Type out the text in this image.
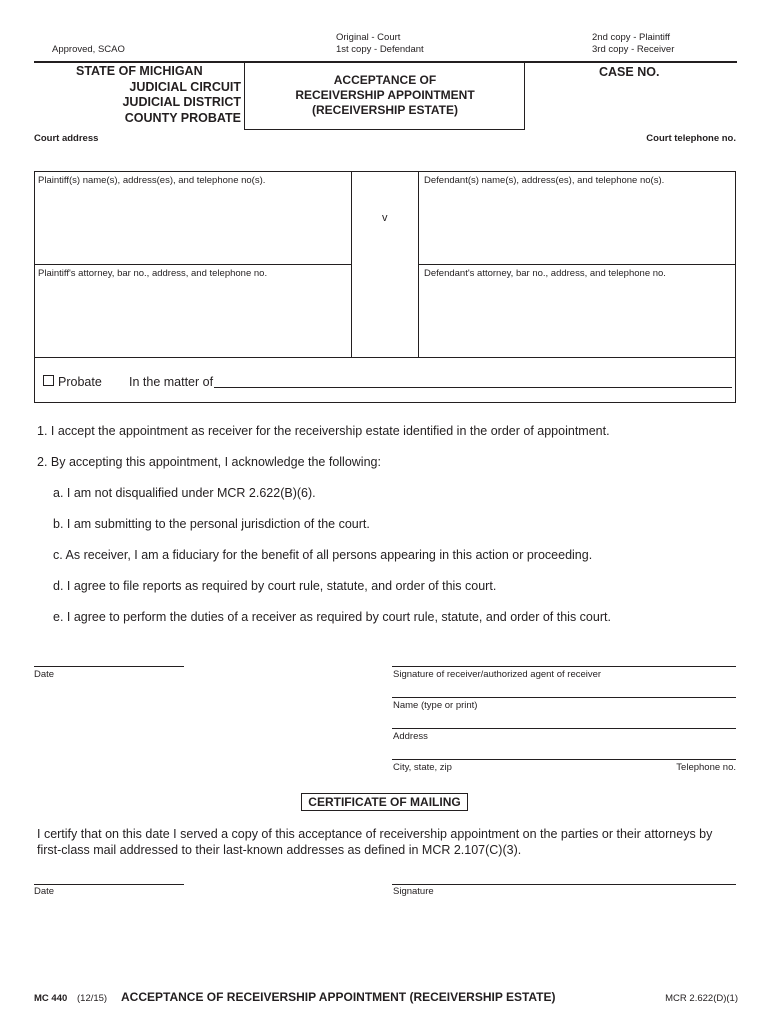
Approved, SCAO
Original - Court
1st copy - Defendant
2nd copy - Plaintiff
3rd copy - Receiver
STATE OF MICHIGAN
JUDICIAL CIRCUIT
JUDICIAL DISTRICT
COUNTY PROBATE
ACCEPTANCE OF
RECEIVERSHIP APPOINTMENT
(RECEIVERSHIP ESTATE)
CASE NO.
Court address	Court telephone no.
Plaintiff(s) name(s), address(es), and telephone no(s).	Defendant(s) name(s), address(es), and telephone no(s).
v
Plaintiff's attorney, bar no., address, and telephone no.	Defendant's attorney, bar no., address, and telephone no.
Probate In the matter of
1. I accept the appointment as receiver for the receivership estate identified in the order of appointment.
2. By accepting this appointment, I acknowledge the following:
a. I am not disqualified under MCR 2.622(B)(6).
b. I am submitting to the personal jurisdiction of the court.
c. As receiver, I am a fiduciary for the benefit of all persons appearing in this action or proceeding.
d. I agree to file reports as required by court rule, statute, and order of this court.
e. I agree to perform the duties of a receiver as required by court rule, statute, and order of this court.
Date	Signature of receiver/authorized agent of receiver
Name (type or print)
Address
City, state, zip	Telephone no.
CERTIFICATE OF MAILING
I certify that on this date I served a copy of this acceptance of receivership appointment on the parties or their attorneys by
first-class mail addressed to their last-known addresses as defined in MCR 2.107(C)(3).
Date	Signature
MC 440 (12/15) ACCEPTANCE OF RECEIVERSHIP APPOINTMENT (RECEIVERSHIP ESTATE)	MCR 2.622(D)(1)
